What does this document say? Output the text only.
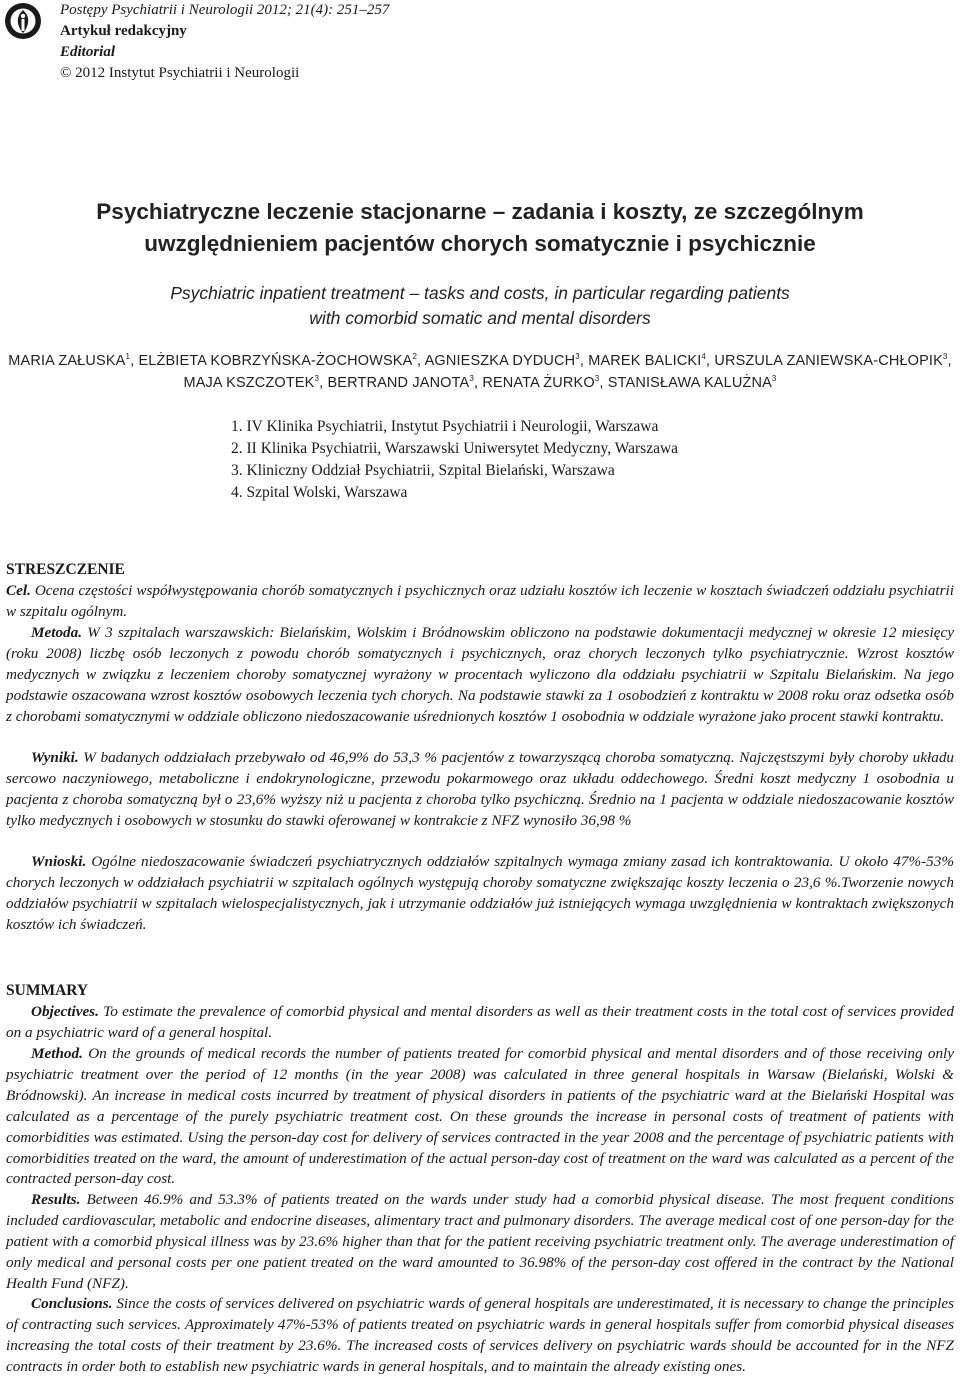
Postępy Psychiatrii i Neurologii 2012; 21(4): 251–257
Artykuł redakcyjny
Editorial
© 2012 Instytut Psychiatrii i Neurologii
Psychiatryczne leczenie stacjonarne – zadania i koszty, ze szczególnym
uwzględnieniem pacjentów chorych somatycznie i psychicznie
Psychiatric inpatient treatment – tasks and costs, in particular regarding patients
with comorbid somatic and mental disorders
MARIA ZAŁUSKA$^1$, ELŻBIETA KOBRZYŃSKA-ŻOCHOWSKA$^2$, AGNIESZKA DYDUCH$^3$, MAREK BALICKI$^4$, URSZULA ZANIEWSKA-CHŁOPIK$^3$, MAJA KSZCZOTEK$^3$, BERTRAND JANOTA$^3$, RENATA ŻURKO$^3$, STANISŁAWA KALUŻNA$^3$
1. IV Klinika Psychiatrii, Instytut Psychiatrii i Neurologii, Warszawa
2. II Klinika Psychiatrii, Warszawski Uniwersytet Medyczny, Warszawa
3. Kliniczny Oddział Psychiatrii, Szpital Bielański, Warszawa
4. Szpital Wolski, Warszawa
STRESZCZENIE

Cel. Ocena częstości współwystępowania chorób somatycznych i psychicznych oraz udziału kosztów ich leczenie w kosztach świadczeń oddziału psychiatrii w szpitalu ogólnym.

Metoda. W 3 szpitalach warszawskich: Bielańskim, Wolskim i Bródnowskim obliczono na podstawie dokumentacji medycznej w okresie 12 miesięcy (roku 2008) liczbę osób leczonych z powodu chorób somatycznych i psychicznych, oraz chorych leczonych tylko psychiatrycznie. Wzrost kosztów medycznych w związku z leczeniem choroby somatycznej wyrażony w procentach wyliczono dla oddziału psychiatrii w Szpitalu Bielańskim. Na jego podstawie oszacowana wzrost kosztów osobowych leczenia tych chorych. Na podstawie stawki za 1 osobodzień z kontraktu w 2008 roku oraz odsetka osób z chorobami somatycznymi w oddziale obliczono niedoszacowanie uśrednionych kosztów 1 osobodnia w oddziale wyrażone jako procent stawki kontraktu.

Wyniki. W badanych oddziałach przebywało od 46,9% do 53,3 % pacjentów z towarzyszącą choroba somatyczną. Najczęstszymi były choroby układu sercowo naczyniowego, metaboliczne i endokrynologiczne, przewodu pokarmowego oraz układu oddechowego. Średni koszt medyczny 1 osobodnia u pacjenta z choroba somatyczną był o 23,6% wyższy niż u pacjenta z choroba tylko psychiczną. Średnio na 1 pacjenta w oddziale niedoszacowanie kosztów tylko medycznych i osobowych w stosunku do stawki oferowanej w kontrakcie z NFZ wynosiło 36,98 %

Wnioski. Ogólne niedoszacowanie świadczeń psychiatrycznych oddziałów szpitalnych wymaga zmiany zasad ich kontraktowania. U około 47%-53% chorych leczonych w oddziałach psychiatrii w szpitalach ogólnych występują choroby somatyczne zwiększając koszty leczenia o 23,6 %.Tworzenie nowych oddziałów psychiatrii w szpitalach wielospecjalistycznych, jak i utrzymanie oddziałów już istniejących wymaga uwzględnienia w kontraktach zwiększonych kosztów ich świadczeń.

SUMMARY

Objectives. To estimate the prevalence of comorbid physical and mental disorders as well as their treatment costs in the total cost of services provided on a psychiatric ward of a general hospital.

Method. On the grounds of medical records the number of patients treated for comorbid physical and mental disorders and of those receiving only psychiatric treatment over the period of 12 months (in the year 2008) was calculated in three general hospitals in Warsaw (Bielański, Wolski & Bródnowski). An increase in medical costs incurred by treatment of physical disorders in patients of the psychiatric ward at the Bielański Hospital was calculated as a percentage of the purely psychiatric treatment cost. On these grounds the increase in personal costs of treatment of patients with comorbidities was estimated. Using the person-day cost for delivery of services contracted in the year 2008 and the percentage of psychiatric patients with comorbidities treated on the ward, the amount of underestimation of the actual person-day cost of treatment on the ward was calculated as a percent of the contracted person-day cost.

Results. Between 46.9% and 53.3% of patients treated on the wards under study had a comorbid physical disease. The most frequent conditions included cardiovascular, metabolic and endocrine diseases, alimentary tract and pulmonary disorders. The average medical cost of one person-day for the patient with a comorbid physical illness was by 23.6% higher than that for the patient receiving psychiatric treatment only. The average underestimation of only medical and personal costs per one patient treated on the ward amounted to 36.98% of the person-day cost offered in the contract by the National Health Fund (NFZ).

Conclusions. Since the costs of services delivered on psychiatric wards of general hospitals are underestimated, it is necessary to change the principles of contracting such services. Approximately 47%-53% of patients treated on psychiatric wards in general hospitals suffer from comorbid physical diseases increasing the total costs of their treatment by 23.6%. The increased costs of services delivery on psychiatric wards should be accounted for in the NFZ contracts in order both to establish new psychiatric wards in general hospitals, and to maintain the already existing ones.
